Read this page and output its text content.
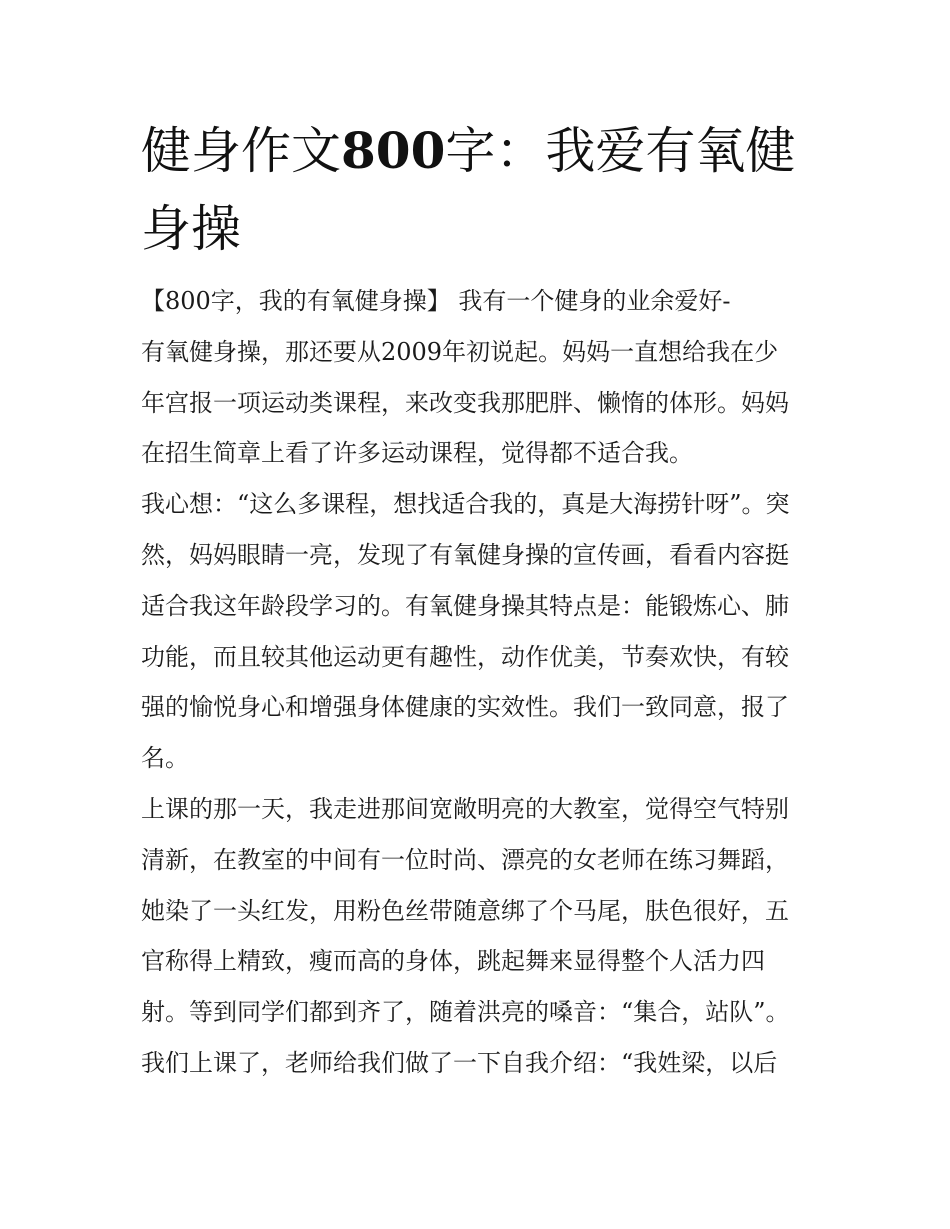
健身作文800字：我爱有氧健
身操
【800字，我的有氧健身操】 我有一个健身的业余爱好-
有氧健身操，那还要从2009年初说起。妈妈一直想给我在少
年宫报一项运动类课程，来改变我那肥胖、懒惰的体形。妈妈
在招生简章上看了许多运动课程，觉得都不适合我。
我心想：“这么多课程，想找适合我的，真是大海捞针呀”。突
然，妈妈眼睛一亮，发现了有氧健身操的宣传画，看看内容挺
适合我这年龄段学习的。有氧健身操其特点是：能锻炼心、肺
功能，而且较其他运动更有趣性，动作优美，节奏欢快，有较
强的愉悦身心和增强身体健康的实效性。我们一致同意，报了
名。
上课的那一天，我走进那间宽敞明亮的大教室，觉得空气特别
清新，在教室的中间有一位时尚、漂亮的女老师在练习舞蹈，
她染了一头红发，用粉色丝带随意绑了个马尾，肤色很好，五
官称得上精致，瘦而高的身体，跳起舞来显得整个人活力四
射。等到同学们都到齐了，随着洪亮的嗓音：“集合，站队”。
我们上课了，老师给我们做了一下自我介绍：“我姓梁，以后
